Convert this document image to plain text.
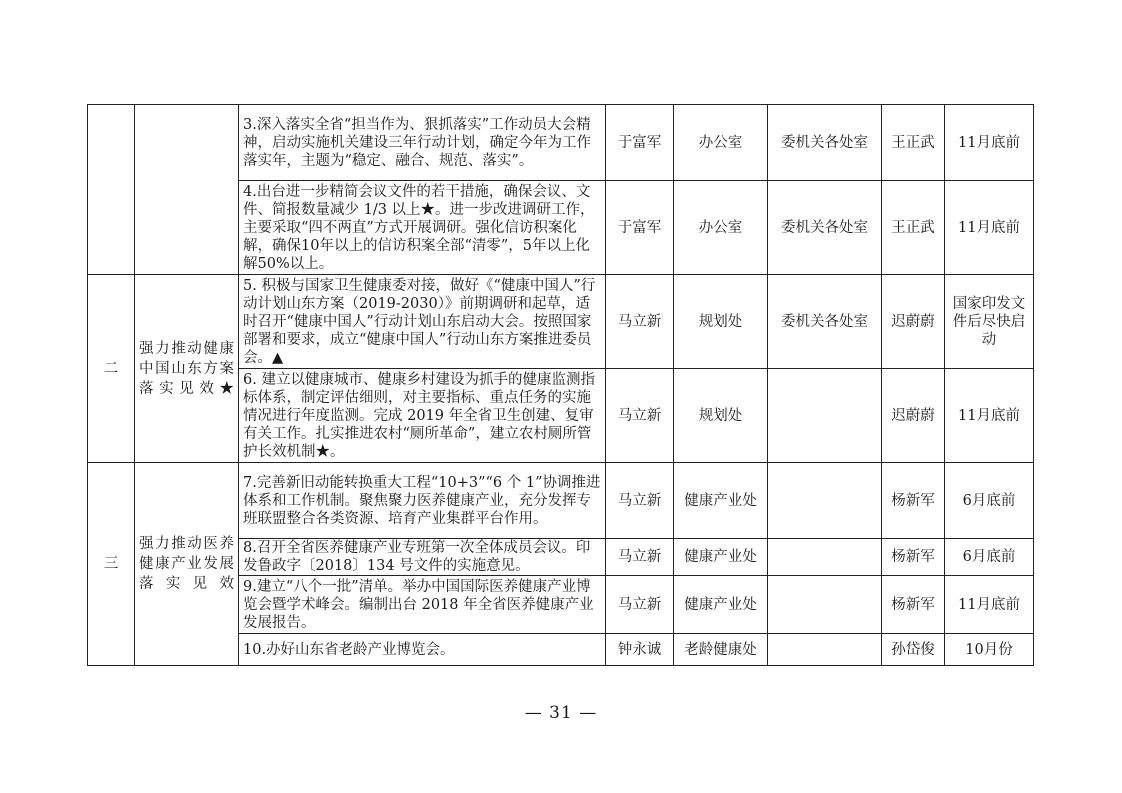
		3.深入落实全省“担当作为、狠抓落实”工作动员大会精神，启动实施机关建设三年行动计划，确定今年为工作落实年，主题为“稳定、融合、规范、落实”。	于富军	办公室	委机关各处室	王正武	11月底前
		4.出台进一步精简会议文件的若干措施，确保会议、文件、简报数量减少 1/3 以上★。进一步改进调研工作，主要采取“四不两直”方式开展调研。强化信访积案化解，确保10年以上的信访积案全部“清零”，5年以上化解50%以上。	于富军	办公室	委机关各处室	王正武	11月底前
二	强力推动健康中国山东方案落实见效★	5. 积极与国家卫生健康委对接，做好《“健康中国人”行动计划山东方案（2019-2030）》前期调研和起草，适时召开“健康中国人”行动计划山东启动大会。按照国家部署和要求，成立“健康中国人”行动山东方案推进委员会。▲	马立新	规划处	委机关各处室	迟蔚蔚	国家印发文件后尽快启动
		6. 建立以健康城市、健康乡村建设为抓手的健康监测指标体系，制定评估细则，对主要指标、重点任务的实施情况进行年度监测。完成 2019 年全省卫生创建、复审有关工作。扎实推进农村“厕所革命”，建立农村厕所管护长效机制★。	马立新	规划处		迟蔚蔚	11月底前
三	强力推动医养健康产业发展落实见效	7.完善新旧动能转换重大工程“10+3”“6 个 1”协调推进体系和工作机制。聚焦聚力医养健康产业，充分发挥专班联盟整合各类资源、培育产业集群平台作用。	马立新	健康产业处		杨新军	6月底前
		8.召开全省医养健康产业专班第一次全体成员会议。印发鲁政字〔2018〕134 号文件的实施意见。	马立新	健康产业处		杨新军	6月底前
		9.建立“八个一批”清单。举办中国国际医养健康产业博览会暨学术峰会。编制出台 2018 年全省医养健康产业发展报告。	马立新	健康产业处		杨新军	11月底前
		10.办好山东省老龄产业博览会。	钟永诚	老龄健康处		孙岱俊	10月份
— 31 —
